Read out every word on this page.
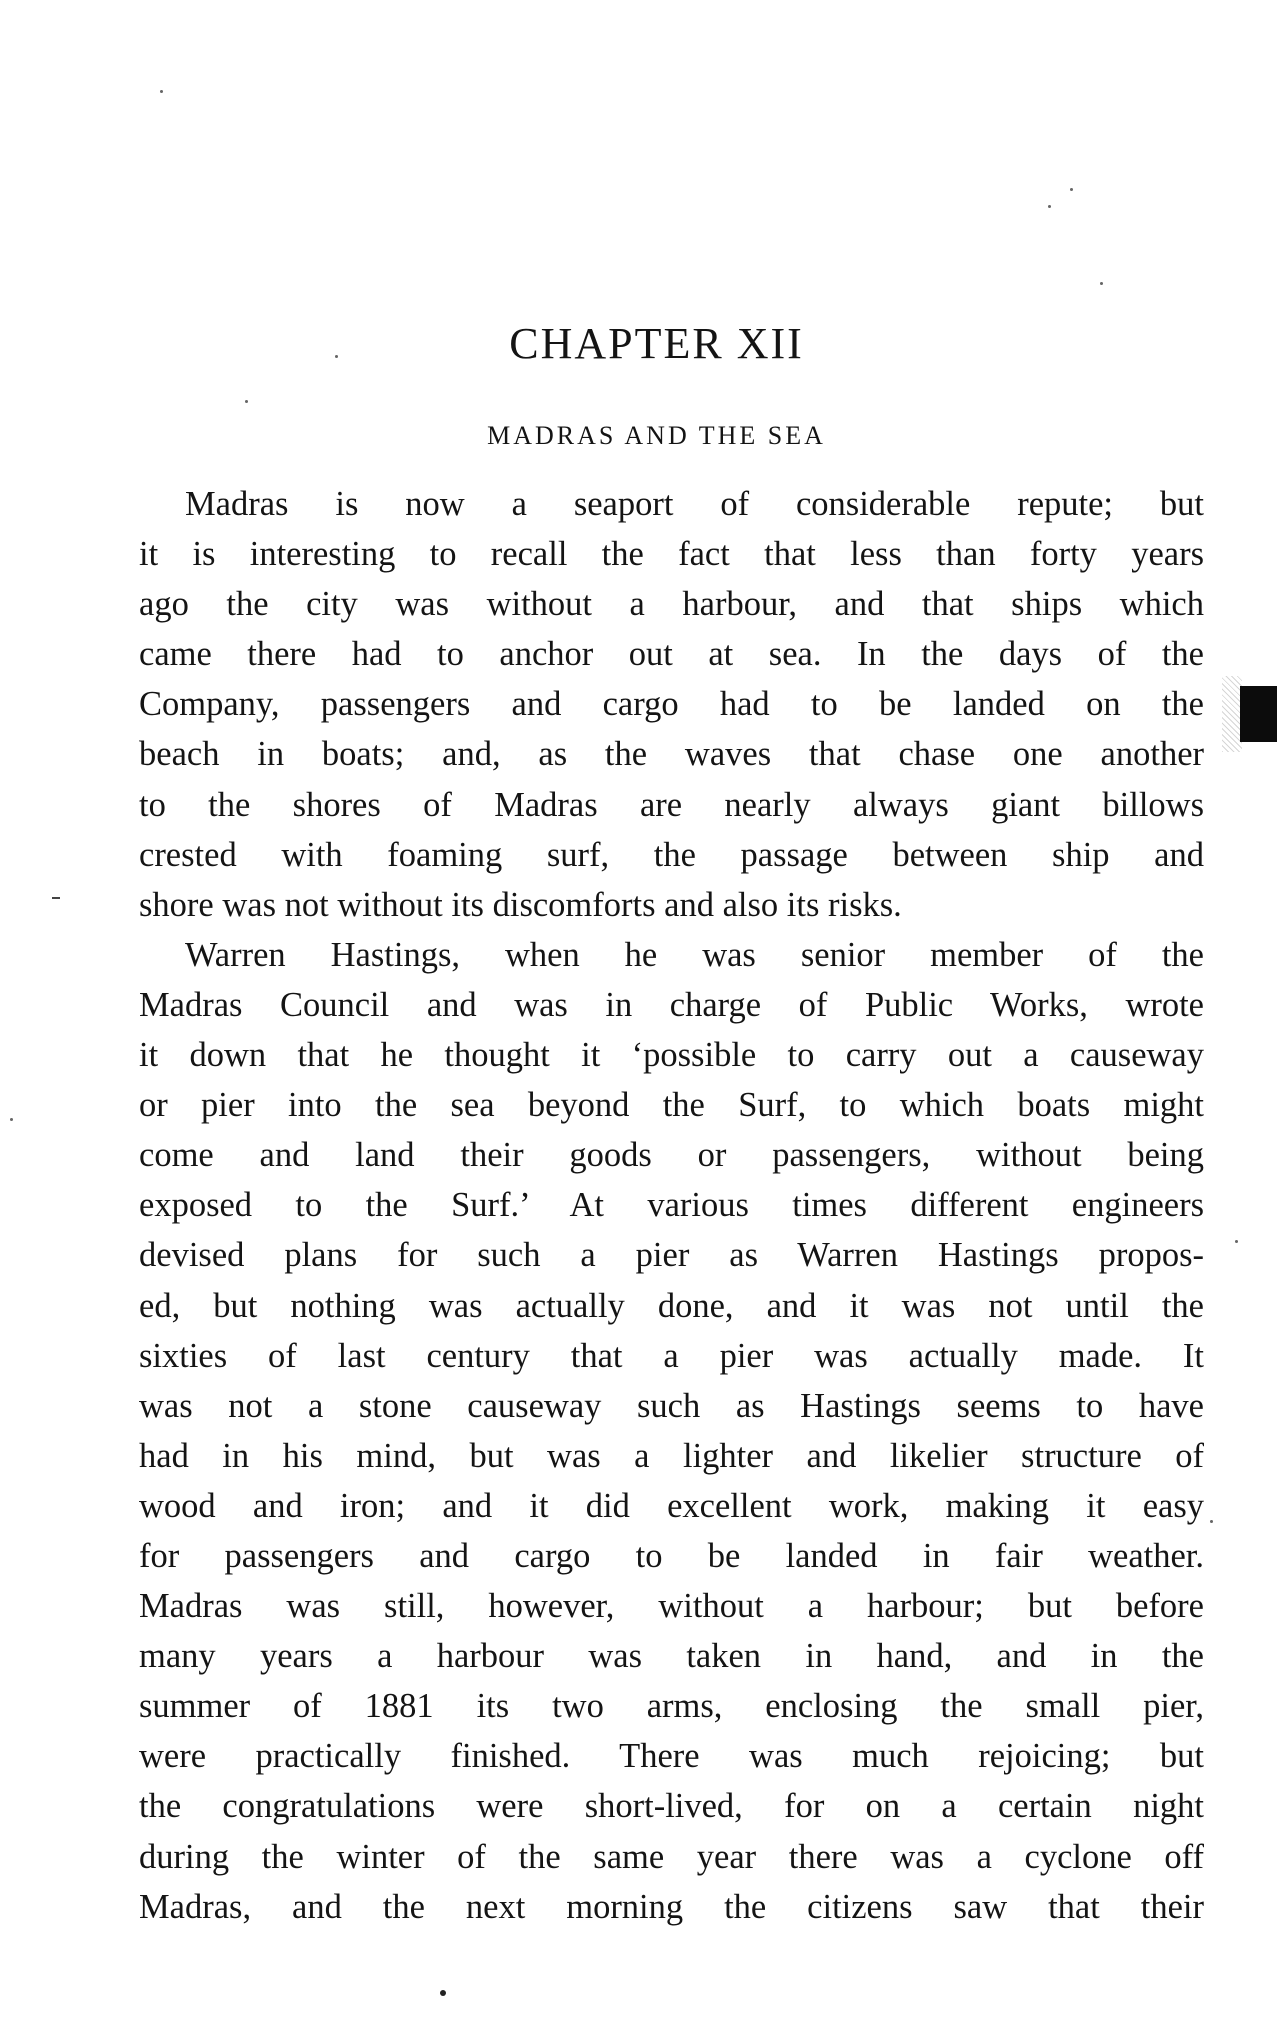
CHAPTER XII
MADRAS AND THE SEA
Madras is now a seaport of considerable repute; but
it is interesting to recall the fact that less than forty years
ago the city was without a harbour, and that ships which
came there had to anchor out at sea. In the days of the
Company, passengers and cargo had to be landed on the
beach in boats; and, as the waves that chase one another
to the shores of Madras are nearly always giant billows
crested with foaming surf, the passage between ship and
shore was not without its discomforts and also its risks.
Warren Hastings, when he was senior member of the
Madras Council and was in charge of Public Works, wrote
it down that he thought it ‘possible to carry out a causeway
or pier into the sea beyond the Surf, to which boats might
come and land their goods or passengers, without being
exposed to the Surf.’ At various times different engineers
devised plans for such a pier as Warren Hastings propos-
ed, but nothing was actually done, and it was not until the
sixties of last century that a pier was actually made. It
was not a stone causeway such as Hastings seems to have
had in his mind, but was a lighter and likelier structure of
wood and iron; and it did excellent work, making it easy
for passengers and cargo to be landed in fair weather.
Madras was still, however, without a harbour; but before
many years a harbour was taken in hand, and in the
summer of 1881 its two arms, enclosing the small pier,
were practically finished. There was much rejoicing; but
the congratulations were short-lived, for on a certain night
during the winter of the same year there was a cyclone off
Madras, and the next morning the citizens saw that their
